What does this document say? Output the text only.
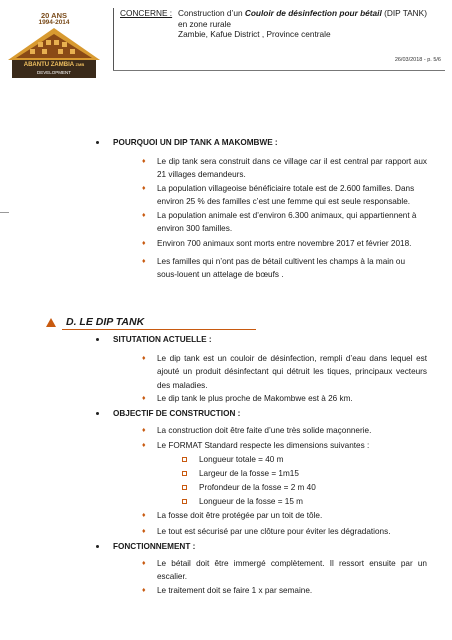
20 ANS
1994-2014
ABANTU ZAMBIA ZMB
DEVELOPMENT
CONCERNE : Construction d’un Couloir de désinfection pour bétail (DIP TANK)
en zone rurale
Zambie, Kafue District , Province centrale
26/03/2018 - p. 5/6
POURQUOI UN DIP TANK A MAKOMBWE :
♦ Le dip tank sera construit dans ce village car il est central par rapport aux 21 villages demandeurs.
♦ La population villageoise bénéficiaire totale est de 2.600 familles. Dans environ 25 % des familles c’est une femme qui est seule responsable.
♦ La population animale est d’environ 6.300 animaux, qui appartiennent à environ 300 familles.
♦ Environ 700 animaux sont morts entre novembre 2017 et février 2018.
♦ Les familles qui n’ont pas de bétail cultivent les champs à la main ou sous-louent un attelage de bœufs .
D. LE DIP TANK
SITUTATION ACTUELLE :
♦ Le dip tank est un couloir de désinfection, rempli d’eau dans lequel est ajouté un produit désinfectant qui détruit les tiques, principaux vecteurs des maladies.
♦ Le dip tank le plus proche de Makombwe est à 26 km.
OBJECTIF DE CONSTRUCTION :
♦ La construction doit être faite d’une très solide maçonnerie.
♦ Le FORMAT Standard respecte les dimensions suivantes :
Longueur totale = 40 m
Largeur de la fosse = 1m15
Profondeur de la fosse = 2 m 40
Longueur de la fosse = 15 m
♦ La fosse doit être protégée par un toit de tôle.
♦ Le tout est sécurisé par une clôture pour éviter les dégradations.
FONCTIONNEMENT :
♦ Le bétail doit être immergé complètement. Il ressort ensuite par un escalier.
♦ Le traitement doit se faire 1 x par semaine.
